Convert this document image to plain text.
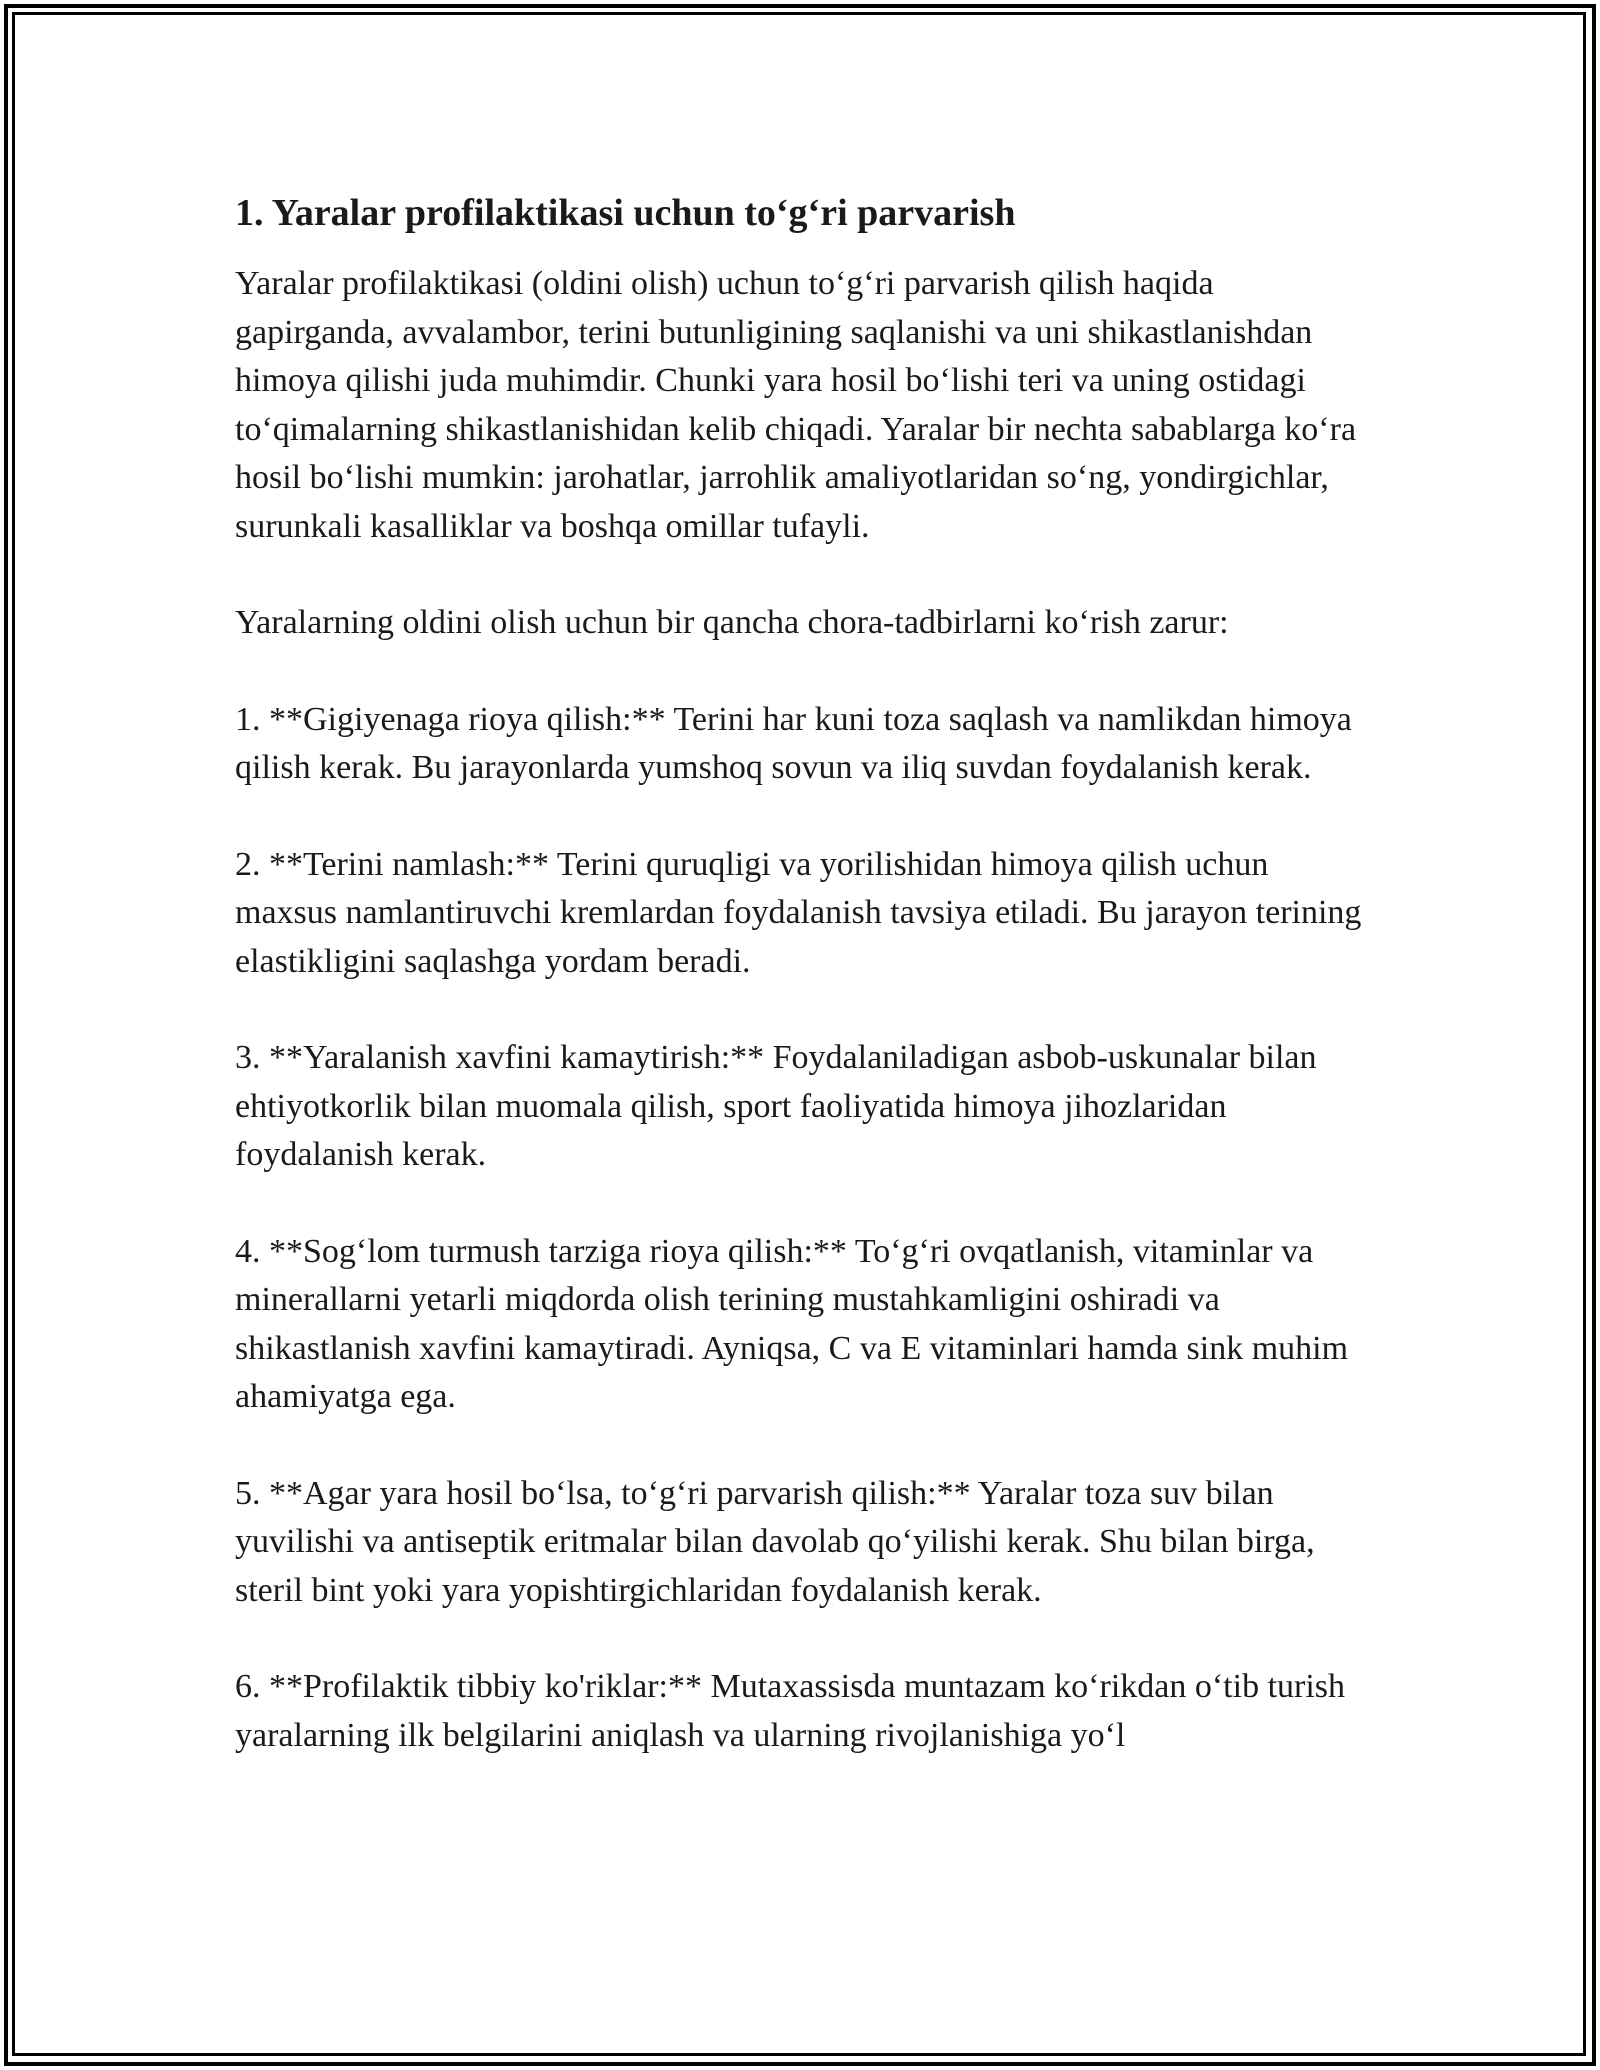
1. Yaralar profilaktikasi uchun to‘g‘ri parvarish

Yaralar profilaktikasi (oldini olish) uchun to‘g‘ri parvarish qilish haqida gapirganda, avvalambor, terini butunligining saqlanishi va uni shikastlanishdan himoya qilishi juda muhimdir. Chunki yara hosil bo‘lishi teri va uning ostidagi to‘qimalarning shikastlanishidan kelib chiqadi. Yaralar bir nechta sabablarga ko‘ra hosil bo‘lishi mumkin: jarohatlar, jarrohlik amaliyotlaridan so‘ng, yondirgichlar, surunkali kasalliklar va boshqa omillar tufayli.

Yaralarning oldini olish uchun bir qancha chora-tadbirlarni ko‘rish zarur:

1. **Gigiyenaga rioya qilish:** Terini har kuni toza saqlash va namlikdan himoya qilish kerak. Bu jarayonlarda yumshoq sovun va iliq suvdan foydalanish kerak.

2. **Terini namlash:** Terini quruqligi va yorilishidan himoya qilish uchun maxsus namlantiruvchi kremlardan foydalanish tavsiya etiladi. Bu jarayon terining elastikligini saqlashga yordam beradi.

3. **Yaralanish xavfini kamaytirish:** Foydalaniladigan asbob-uskunalar bilan ehtiyotkorlik bilan muomala qilish, sport faoliyatida himoya jihozlaridan foydalanish kerak.

4. **Sog‘lom turmush tarziga rioya qilish:** To‘g‘ri ovqatlanish, vitaminlar va minerallarni yetarli miqdorda olish terining mustahkamligini oshiradi va shikastlanish xavfini kamaytiradi. Ayniqsa, C va E vitaminlari hamda sink muhim ahamiyatga ega.

5. **Agar yara hosil bo‘lsa, to‘g‘ri parvarish qilish:** Yaralar toza suv bilan yuvilishi va antiseptik eritmalar bilan davolab qo‘yilishi kerak. Shu bilan birga, steril bint yoki yara yopishtirgichlaridan foydalanish kerak.

6. **Profilaktik tibbiy ko'riklar:** Mutaxassisda muntazam ko‘rikdan o‘tib turish yaralarning ilk belgilarini aniqlash va ularning rivojlanishiga yo‘l
